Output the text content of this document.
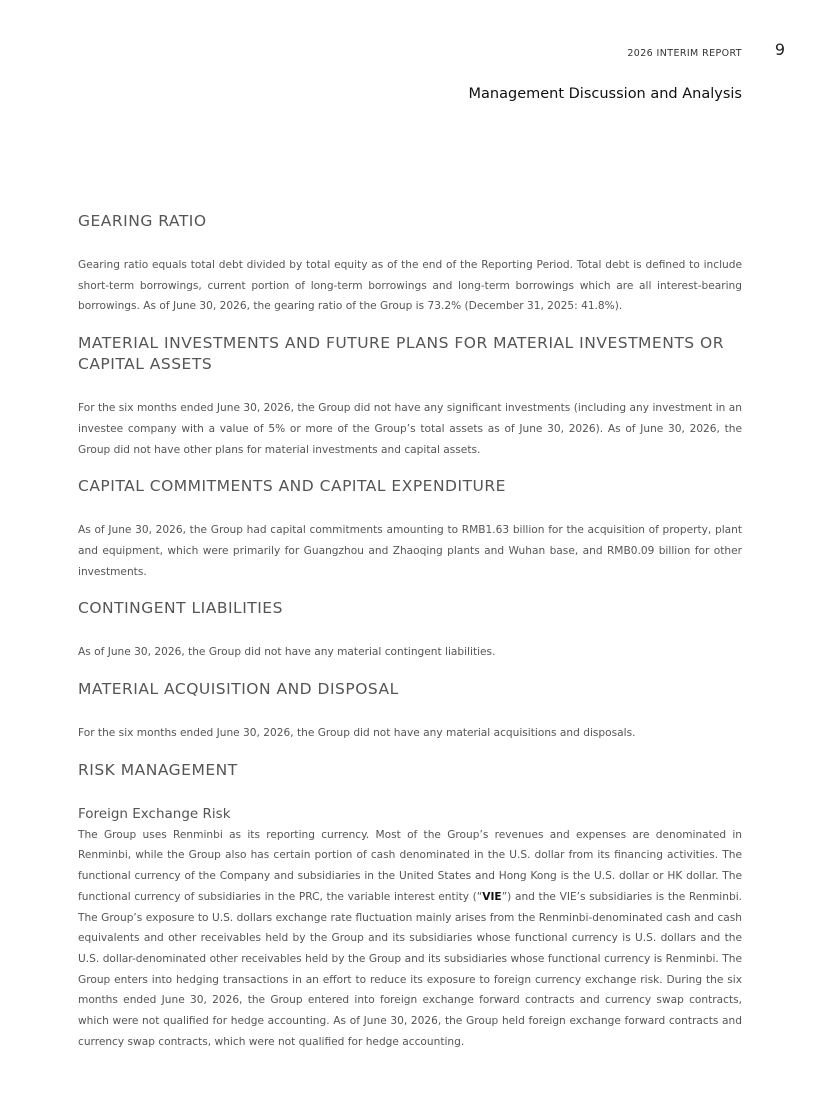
9
2026 INTERIM REPORT
Management Discussion and Analysis
GEARING RATIO

Gearing ratio equals total debt divided by total equity as of the end of the Reporting Period. Total debt is defined to include short-term borrowings, current portion of long-term borrowings and long-term borrowings which are all interest-bearing borrowings. As of June 30, 2026, the gearing ratio of the Group is 73.2% (December 31, 2025: 41.8%).

MATERIAL INVESTMENTS AND FUTURE PLANS FOR MATERIAL INVESTMENTS OR CAPITAL ASSETS

For the six months ended June 30, 2026, the Group did not have any significant investments (including any investment in an investee company with a value of 5% or more of the Group’s total assets as of June 30, 2026). As of June 30, 2026, the Group did not have other plans for material investments and capital assets.

CAPITAL COMMITMENTS AND CAPITAL EXPENDITURE

As of June 30, 2026, the Group had capital commitments amounting to RMB1.63 billion for the acquisition of property, plant and equipment, which were primarily for Guangzhou and Zhaoqing plants and Wuhan base, and RMB0.09 billion for other investments.

CONTINGENT LIABILITIES

As of June 30, 2026, the Group did not have any material contingent liabilities.

MATERIAL ACQUISITION AND DISPOSAL

For the six months ended June 30, 2026, the Group did not have any material acquisitions and disposals.

RISK MANAGEMENT
Foreign Exchange Risk

The Group uses Renminbi as its reporting currency. Most of the Group’s revenues and expenses are denominated in Renminbi, while the Group also has certain portion of cash denominated in the U.S. dollar from its financing activities. The functional currency of the Company and subsidiaries in the United States and Hong Kong is the U.S. dollar or HK dollar. The functional currency of subsidiaries in the PRC, the variable interest entity (“VIE”) and the VIE’s subsidiaries is the Renminbi. The Group’s exposure to U.S. dollars exchange rate fluctuation mainly arises from the Renminbi-denominated cash and cash equivalents and other receivables held by the Group and its subsidiaries whose functional currency is U.S. dollars and the U.S. dollar-denominated other receivables held by the Group and its subsidiaries whose functional currency is Renminbi. The Group enters into hedging transactions in an effort to reduce its exposure to foreign currency exchange risk. During the six months ended June 30, 2026, the Group entered into foreign exchange forward contracts and currency swap contracts, which were not qualified for hedge accounting. As of June 30, 2026, the Group held foreign exchange forward contracts and currency swap contracts, which were not qualified for hedge accounting.
